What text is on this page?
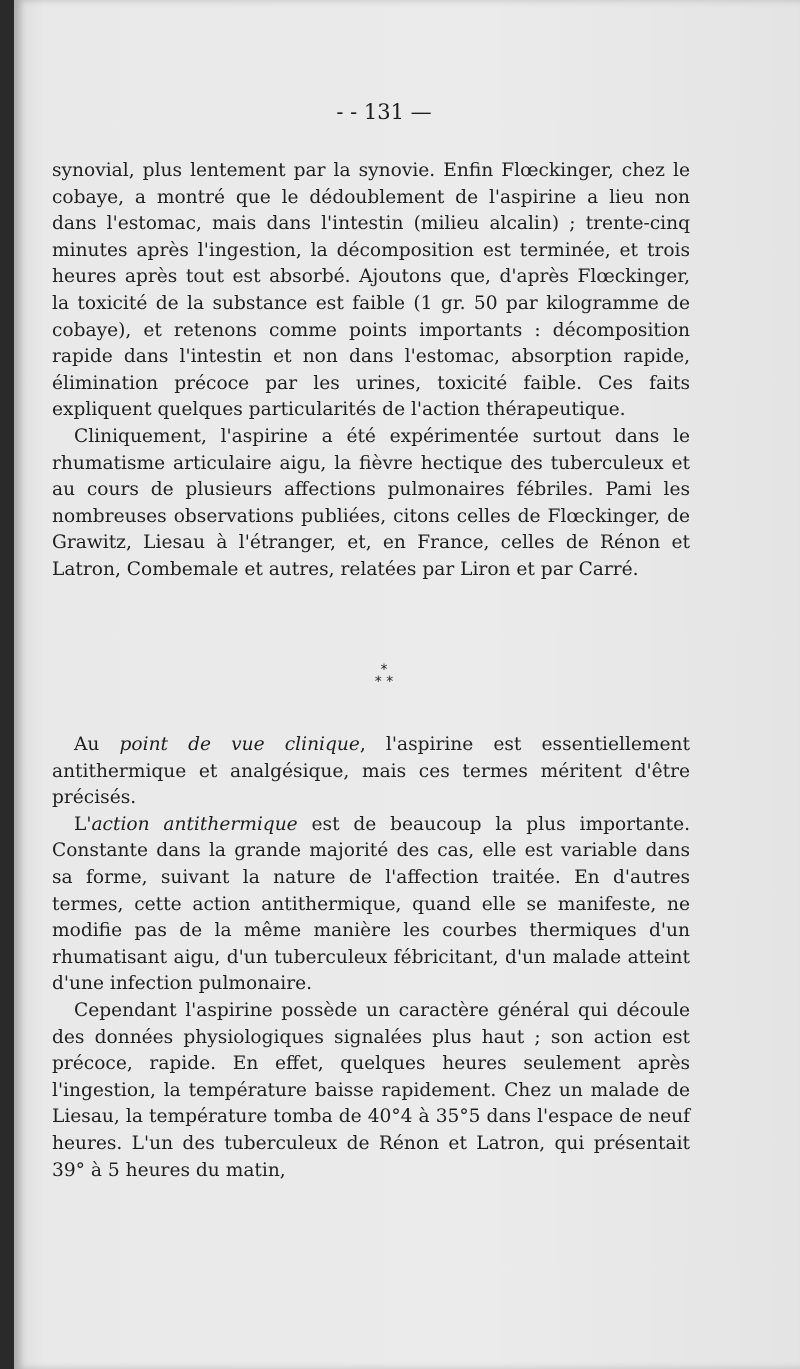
- - 131 —

synovial, plus lentement par la synovie. Enfin Flœckinger, chez le cobaye, a montré que le dédoublement de l'aspirine a lieu non dans l'estomac, mais dans l'intestin (milieu alcalin) ; trente-cinq minutes après l'ingestion, la décomposition est terminée, et trois heures après tout est absorbé. Ajoutons que, d'après Flœckinger, la toxicité de la substance est faible (1 gr. 50 par kilogramme de cobaye), et retenons comme points importants : décomposition rapide dans l'intestin et non dans l'estomac, absorption rapide, élimination précoce par les urines, toxicité faible. Ces faits expliquent quelques particularités de l'action thérapeutique.

Cliniquement, l'aspirine a été expérimentée surtout dans le rhumatisme articulaire aigu, la fièvre hectique des tuberculeux et au cours de plusieurs affections pulmonaires fébriles. Pami les nombreuses observations publiées, citons celles de Flœckinger, de Grawitz, Liesau à l'étranger, et, en France, celles de Rénon et Latron, Combemale et autres, relatées par Liron et par Carré.

*
* *

Au point de vue clinique, l'aspirine est essentiellement antithermique et analgésique, mais ces termes méritent d'être précisés.

L'action antithermique est de beaucoup la plus importante. Constante dans la grande majorité des cas, elle est variable dans sa forme, suivant la nature de l'affection traitée. En d'autres termes, cette action antithermique, quand elle se manifeste, ne modifie pas de la même manière les courbes thermiques d'un rhumatisant aigu, d'un tuberculeux fébricitant, d'un malade atteint d'une infection pulmonaire.

Cependant l'aspirine possède un caractère général qui découle des données physiologiques signalées plus haut ; son action est précoce, rapide. En effet, quelques heures seulement après l'ingestion, la température baisse rapidement. Chez un malade de Liesau, la température tomba de 40°4 à 35°5 dans l'espace de neuf heures. L'un des tuberculeux de Rénon et Latron, qui présentait 39° à 5 heures du matin,
